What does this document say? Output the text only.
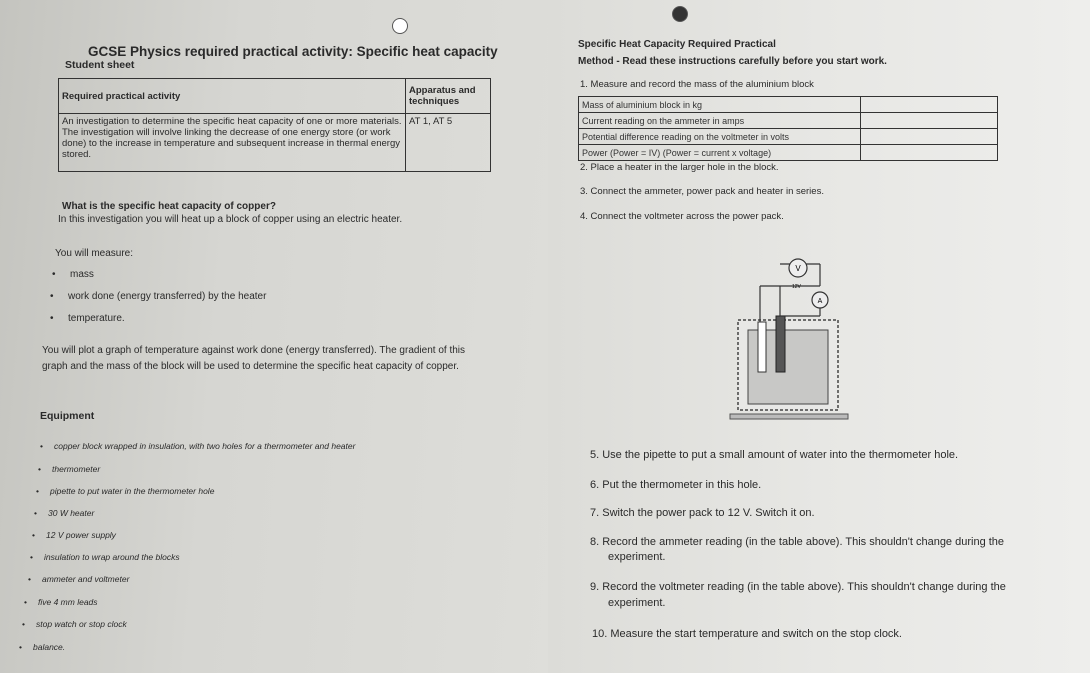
GCSE Physics required practical activity: Specific heat capacity
Student sheet
Required practical activity	Apparatus and techniques
An investigation to determine the specific heat capacity of one or more materials. The investigation will involve linking the decrease of one energy store (or work done) to the increase in temperature and subsequent increase in thermal energy stored.	AT 1, AT 5
What is the specific heat capacity of copper?
In this investigation you will heat up a block of copper using an electric heater.
You will measure:
• mass
• work done (energy transferred) by the heater
• temperature.
You will plot a graph of temperature against work done (energy transferred). The gradient of this graph and the mass of the block will be used to determine the specific heat capacity of copper.
Equipment
• copper block wrapped in insulation, with two holes for a thermometer and heater
• thermometer
• pipette to put water in the thermometer hole
• 30 W heater
• 12 V power supply
• insulation to wrap around the blocks
• ammeter and voltmeter
• five 4 mm leads
• stop watch or stop clock
• balance.
Specific Heat Capacity Required Practical
Method - Read these instructions carefully before you start work.
1. Measure and record the mass of the aluminium block
Mass of aluminium block in kg	
Current reading on the ammeter in amps	
Potential difference reading on the voltmeter in volts	
Power (Power = IV) (Power = current x voltage)	
2. Place a heater in the larger hole in the block.
3. Connect the ammeter, power pack and heater in series.
4. Connect the voltmeter across the power pack.
V
A
12V
5. Use the pipette to put a small amount of water into the thermometer hole.
6. Put the thermometer in this hole.
7. Switch the power pack to 12 V. Switch it on.
8. Record the ammeter reading (in the table above). This shouldn't change during the
experiment.
9. Record the voltmeter reading (in the table above). This shouldn't change during the
experiment.
10. Measure the start temperature and switch on the stop clock.
